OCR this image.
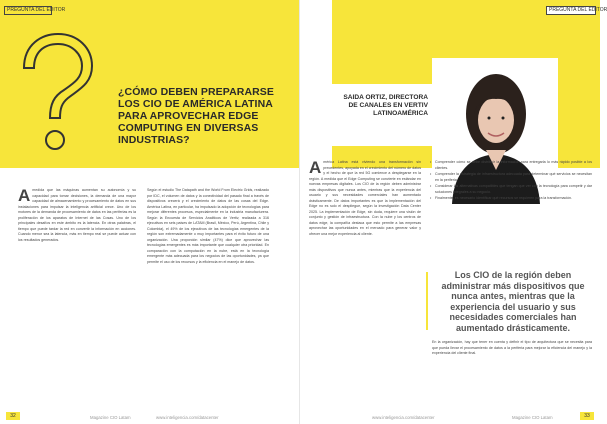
PREGUNTA DEL EDITOR
¿CÓMO DEBEN PREPARARSE LOS CIO DE AMÉRICA LATINA PARA APROVECHAR EDGE COMPUTING EN DIVERSAS INDUSTRIAS?
A medida que las máquinas aumentan su autonomía y su capacidad para tomar decisiones, la demanda de una mayor capacidad de almacenamiento y procesamiento de datos en sus instalaciones para impulsar la inteligencia artificial crece. Uno de los motores de la demanda de procesamiento de datos en las periferias es la proliferación de los aparatos de Internet de las Cosas. Uno de los principales desafíos en este ámbito es la latencia. En otras palabras, el tiempo que puede tardar la red en convertir la información en acciones. Cuando menor sea la latencia, más en tiempo real se puede actuar con los resultados generados.
Según el estudio The Datapath and the World From Electric Grids, realizado por IDC, el volumen de datos y la conectividad del pasado final a través de dispositivos crecerá y el crecimiento de datos de las cosas del Edge. América Latina, en particular, ha impulsado la adopción de tecnologías para mejorar diferentes procesos, especialmente en la industria manufacturera. Según la Encuesta de Servicios Analíticos de Vertiv, realizada a 316 ejecutivos en seis países de LATAM (Brasil, México, Perú, Argentina, Chile y Colombia), el 49% de los ejecutivos de las tecnologías emergentes de la región son extremadamente o muy importantes para el éxito futuro de una organización. Una proporción similar (47%) dice que aprovechar las tecnologías emergentes es más importante que cualquier otra prioridad. En comparación con la computación en la nube, está en la tecnología emergente más adecuada para los negocios de las oportunidades, ya que permite el uso de los recursos y la eficiencia en el manejo de datos.
32	Magazine CIO Latam	www.inteligencia.com/datacenter
PREGUNTA DEL EDITOR
SAIDA ORTIZ, DIRECTORA DE CANALES EN VERTIV LATINOAMÉRICA
A mérica Latina está viviendo una transformación sin precedentes, apoyada en el crecimiento del número de datos y el hecho de que la red 5G comience a desplegarse en la región. A medida que el Edge Computing se convierte en estándar en nuevas empresas digitales. Los CIO de la región deben administrar más dispositivos que nunca antes, mientras que la experiencia del usuario y sus necesidades comerciales han aumentado drásticamente. De datos importantes es que la implementación del Edge no es solo el despliegue, según la investigación Data Center 2025. La implementación de Edge, sin duda, requiere una visión de conjunto y gestión de infraestructura. Con la nube y los centros de datos edge, la compañía destaca que esto permite a las empresas aprovechar las oportunidades en el mercado para generar valor y ofrecer una mejor experiencia al cliente.
• Comprender cómo se debe distribuir la información para entregarla lo más rápido posible a los clientes.
• Comprender la estrategia de infraestructura adecuada para determinar qué servicios se necesitan en la periferia.
• Considerar las alternativas compatibles que tengan que ver con la tecnología para competir y dar soluciones integrales a su negocio.
• Finalmente, es necesario identificar qué recursos se requieren para la transformación.
Los CIO de la región deben administrar más dispositivos que nunca antes, mientras que la experiencia del usuario y sus necesidades comerciales han aumentado drásticamente.
En la organización, hay que tener en cuenta y definir el tipo de arquitectura que se necesita para que pueda llevar el procesamiento de datos a la periferia para mejorar la eficiencia del manejo y la experiencia del cliente final.
www.inteligencia.com/datacenter	Magazine CIO Latam	33
